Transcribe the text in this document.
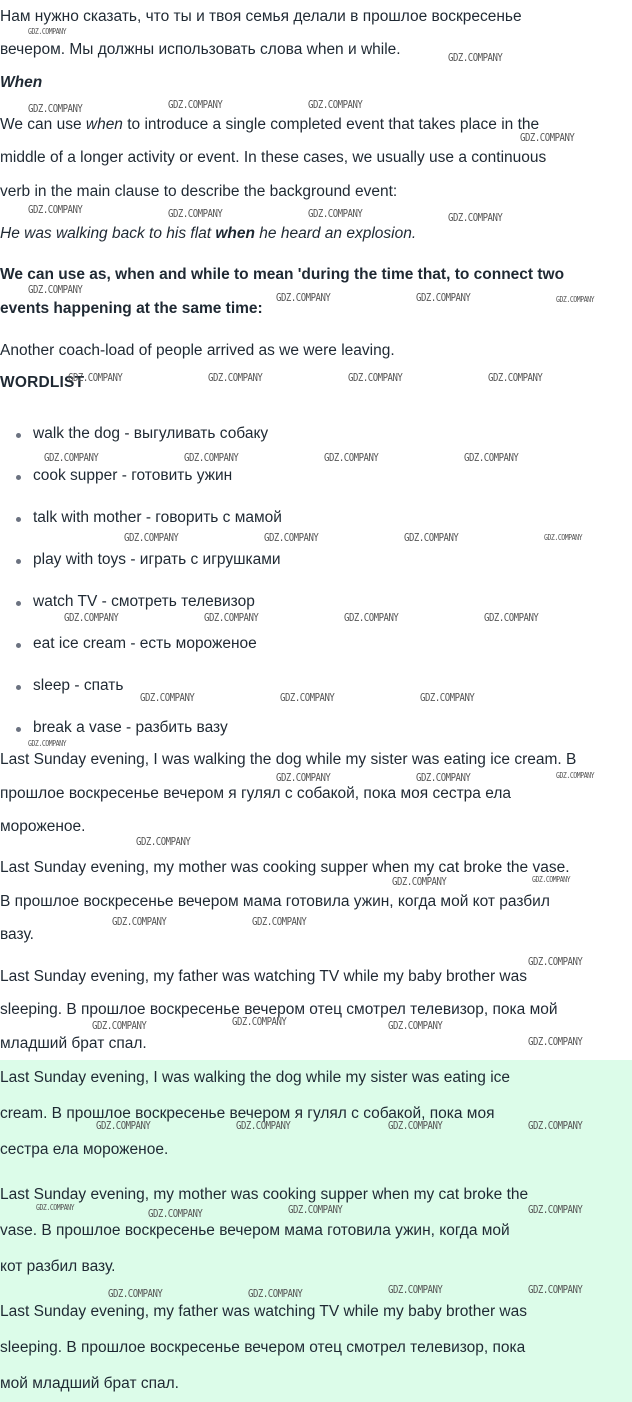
Нам нужно сказать, что ты и твоя семья делали в прошлое воскресенье

вечером. Мы должны использовать слова when и while.

When

We can use when to introduce a single completed event that takes place in the

middle of a longer activity or event. In these cases, we usually use a continuous

verb in the main clause to describe the background event:

He was walking back to his flat when he heard an explosion.

We can use as, when and while to mean 'during the time that, to connect two

events happening at the same time:

Another coach-load of people arrived as we were leaving.

WORDLIST

walk the dog - выгуливать собаку
cook supper - готовить ужин
talk with mother - говорить с мамой
play with toys - играть с игрушками
watch TV - смотреть телевизор
eat ice cream - есть мороженое
sleep - спать
break a vase - разбить вазу

Last Sunday evening, I was walking the dog while my sister was eating ice cream. В

прошлое воскресенье вечером я гулял с собакой, пока моя сестра ела

мороженое.

Last Sunday evening, my mother was cooking supper when my cat broke the vase.

В прошлое воскресенье вечером мама готовила ужин, когда мой кот разбил

вазу.

Last Sunday evening, my father was watching TV while my baby brother was

sleeping. В прошлое воскресенье вечером отец смотрел телевизор, пока мой

младший брат спал.

Last Sunday evening, I was walking the dog while my sister was eating ice

cream. В прошлое воскресенье вечером я гулял с собакой, пока моя

сестра ела мороженое.

Last Sunday evening, my mother was cooking supper when my cat broke the

vase. В прошлое воскресенье вечером мама готовила ужин, когда мой

кот разбил вазу.

Last Sunday evening, my father was watching TV while my baby brother was

sleeping. В прошлое воскресенье вечером отец смотрел телевизор, пока

мой младший брат спал.

GDZ.COMPANY
GDZ.COMPANY
GDZ.COMPANY	GDZ.COMPANY	GDZ.COMPANY
GDZ.COMPANY
GDZ.COMPANY	GDZ.COMPANY	GDZ.COMPANY	GDZ.COMPANY
GDZ.COMPANY
GDZ.COMPANY	GDZ.COMPANY	GDZ.COMPANY
GDZ.COMPANY	GDZ.COMPANY	GDZ.COMPANY	GDZ.COMPANY
GDZ.COMPANY	GDZ.COMPANY	GDZ.COMPANY	GDZ.COMPANY
GDZ.COMPANY	GDZ.COMPANY	GDZ.COMPANY	GDZ.COMPANY
GDZ.COMPANY	GDZ.COMPANY	GDZ.COMPANY	GDZ.COMPANY
GDZ.COMPANY	GDZ.COMPANY	GDZ.COMPANY
GDZ.COMPANY
GDZ.COMPANY	GDZ.COMPANY	GDZ.COMPANY
GDZ.COMPANY
GDZ.COMPANY	GDZ.COMPANY
GDZ.COMPANY	GDZ.COMPANY
GDZ.COMPANY
GDZ.COMPANY	GDZ.COMPANY	GDZ.COMPANY
GDZ.COMPANY
GDZ.COMPANY	GDZ.COMPANY	GDZ.COMPANY	GDZ.COMPANY
GDZ.COMPANY	GDZ.COMPANY	GDZ.COMPANY	GDZ.COMPANY
GDZ.COMPANY	GDZ.COMPANY	GDZ.COMPANY	GDZ.COMPANY
